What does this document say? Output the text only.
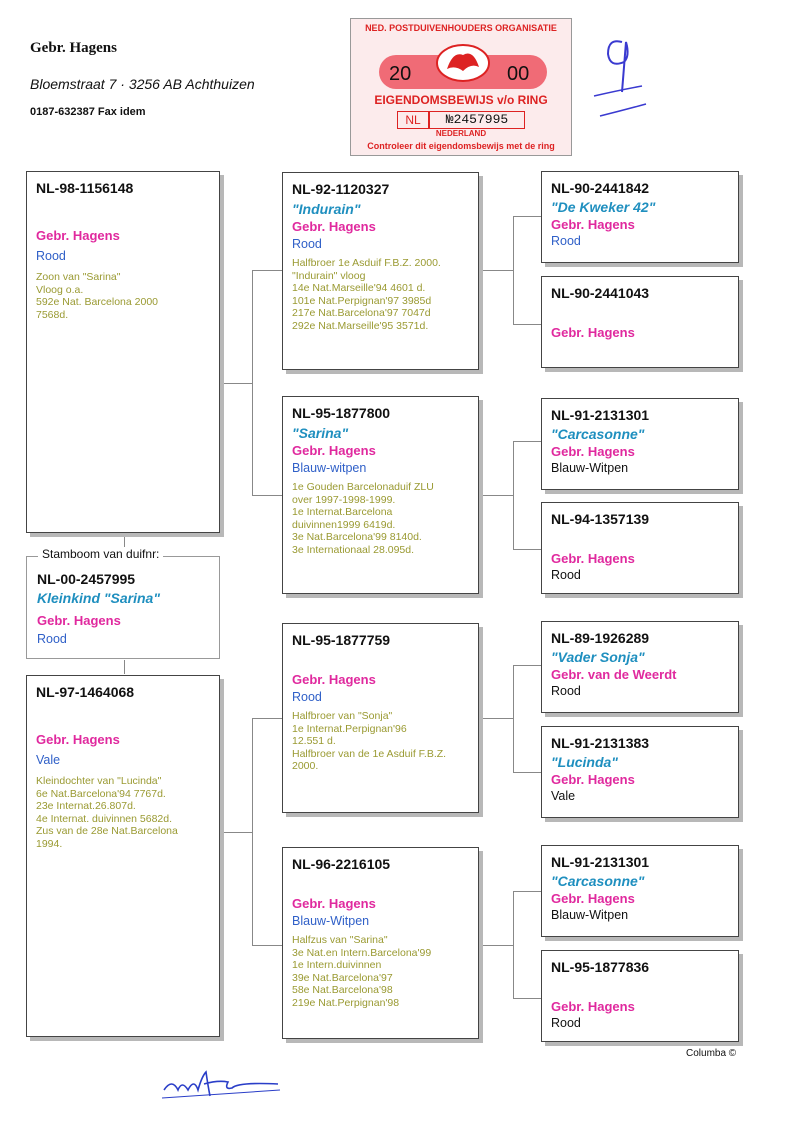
Gebr. Hagens
Bloemstraat 7 · 3256 AB Achthuizen
0187-632387 Fax idem
NED. POSTDUIVENHOUDERS ORGANISATIE
20	00
EIGENDOMSBEWIJS v/o RING
NL	№2457995
NEDERLAND
Controleer dit eigendomsbewijs met de ring
NL-98-1156148
Gebr. Hagens
Rood
Zoon van "Sarina"
Vloog o.a.
592e Nat. Barcelona 2000
7568d.
NL-00-2457995
Kleinkind "Sarina"
Gebr. Hagens
Rood
Stamboom van duifnr:
NL-97-1464068
Gebr. Hagens
Vale
Kleindochter van "Lucinda"
6e Nat.Barcelona'94 7767d.
23e Internat.26.807d.
4e Internat. duivinnen 5682d.
Zus van de 28e Nat.Barcelona
1994.
NL-92-1120327
"Indurain"
Gebr. Hagens
Rood
Halfbroer 1e Asduif F.B.Z. 2000.
"Indurain" vloog
14e Nat.Marseille'94 4601 d.
101e Nat.Perpignan'97 3985d
217e Nat.Barcelona'97 7047d
292e Nat.Marseille'95 3571d.
NL-95-1877800
"Sarina"
Gebr. Hagens
Blauw-witpen
1e Gouden Barcelonaduif ZLU
over 1997-1998-1999.
1e Internat.Barcelona
duivinnen1999 6419d.
3e Nat.Barcelona'99 8140d.
3e Internationaal 28.095d.
NL-95-1877759
Gebr. Hagens
Rood
Halfbroer van "Sonja"
1e Internat.Perpignan'96
12.551 d.
Halfbroer van de 1e Asduif F.B.Z.
2000.
NL-96-2216105
Gebr. Hagens
Blauw-Witpen
Halfzus van "Sarina"
3e Nat.en Intern.Barcelona'99
1e Intern.duivinnen
39e Nat.Barcelona'97
58e Nat.Barcelona'98
219e Nat.Perpignan'98
NL-90-2441842
"De Kweker 42"
Gebr. Hagens
Rood
NL-90-2441043
Gebr. Hagens
NL-91-2131301
"Carcasonne"
Gebr. Hagens
Blauw-Witpen
NL-94-1357139
Gebr. Hagens
Rood
NL-89-1926289
"Vader Sonja"
Gebr. van de Weerdt
Rood
NL-91-2131383
"Lucinda"
Gebr. Hagens
Vale
NL-91-2131301
"Carcasonne"
Gebr. Hagens
Blauw-Witpen
NL-95-1877836
Gebr. Hagens
Rood
Columba ©
